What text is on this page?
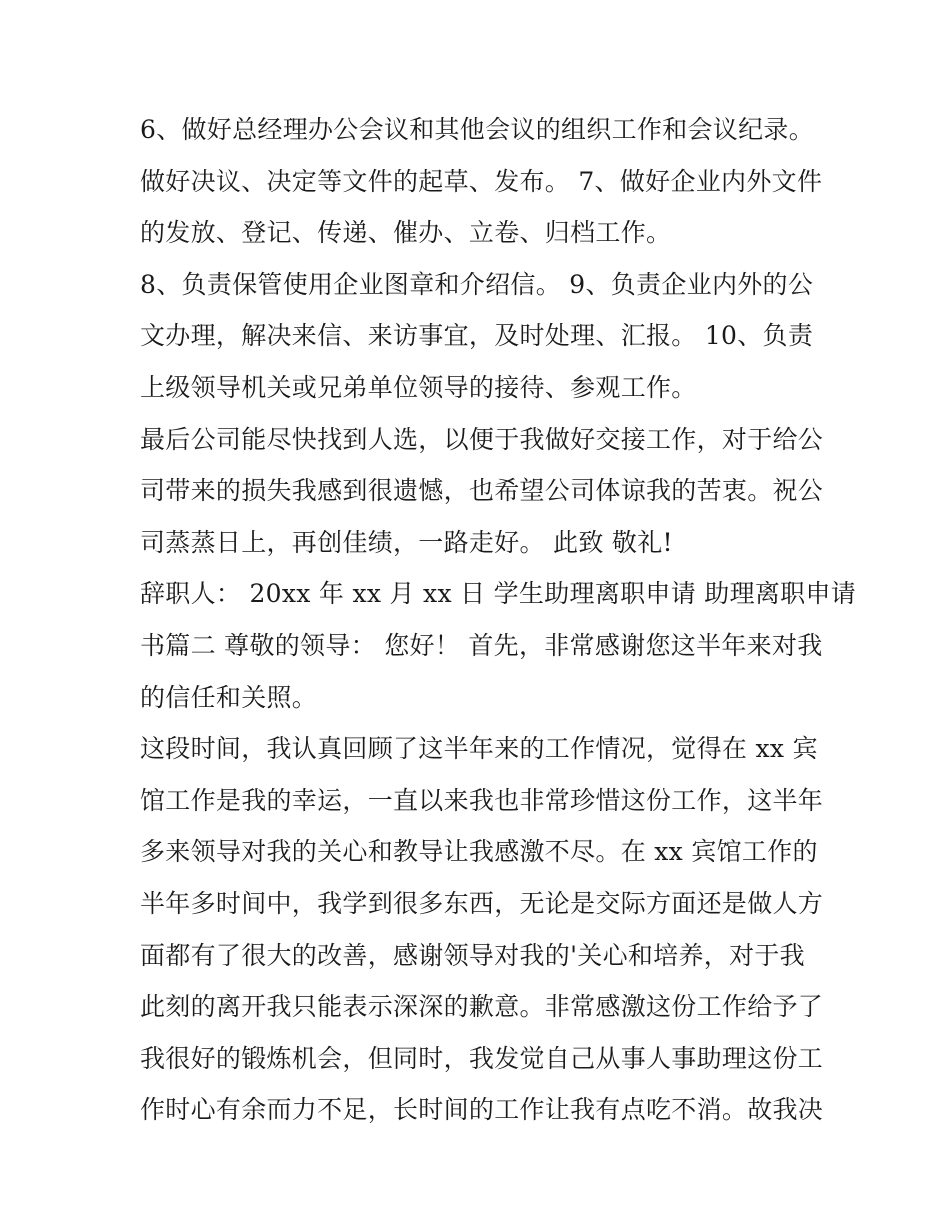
6、做好总经理办公会议和其他会议的组织工作和会议纪录。
做好决议、决定等文件的起草、发布。 7、做好企业内外文件
的发放、登记、传递、催办、立卷、归档工作。
8、负责保管使用企业图章和介绍信。 9、负责企业内外的公
文办理，解决来信、来访事宜，及时处理、汇报。 10、负责
上级领导机关或兄弟单位领导的接待、参观工作。
最后公司能尽快找到人选，以便于我做好交接工作，对于给公
司带来的损失我感到很遗憾，也希望公司体谅我的苦衷。祝公
司蒸蒸日上，再创佳绩，一路走好。 此致 敬礼!
辞职人： 20xx 年 xx 月 xx 日 学生助理离职申请 助理离职申请
书篇二 尊敬的领导： 您好！ 首先，非常感谢您这半年来对我
的信任和关照。
这段时间，我认真回顾了这半年来的工作情况，觉得在 xx 宾
馆工作是我的幸运，一直以来我也非常珍惜这份工作，这半年
多来领导对我的关心和教导让我感激不尽。在 xx 宾馆工作的
半年多时间中，我学到很多东西，无论是交际方面还是做人方
面都有了很大的改善，感谢领导对我的'关心和培养，对于我
此刻的离开我只能表示深深的歉意。非常感激这份工作给予了
我很好的锻炼机会，但同时，我发觉自己从事人事助理这份工
作时心有余而力不足，长时间的工作让我有点吃不消。故我决
